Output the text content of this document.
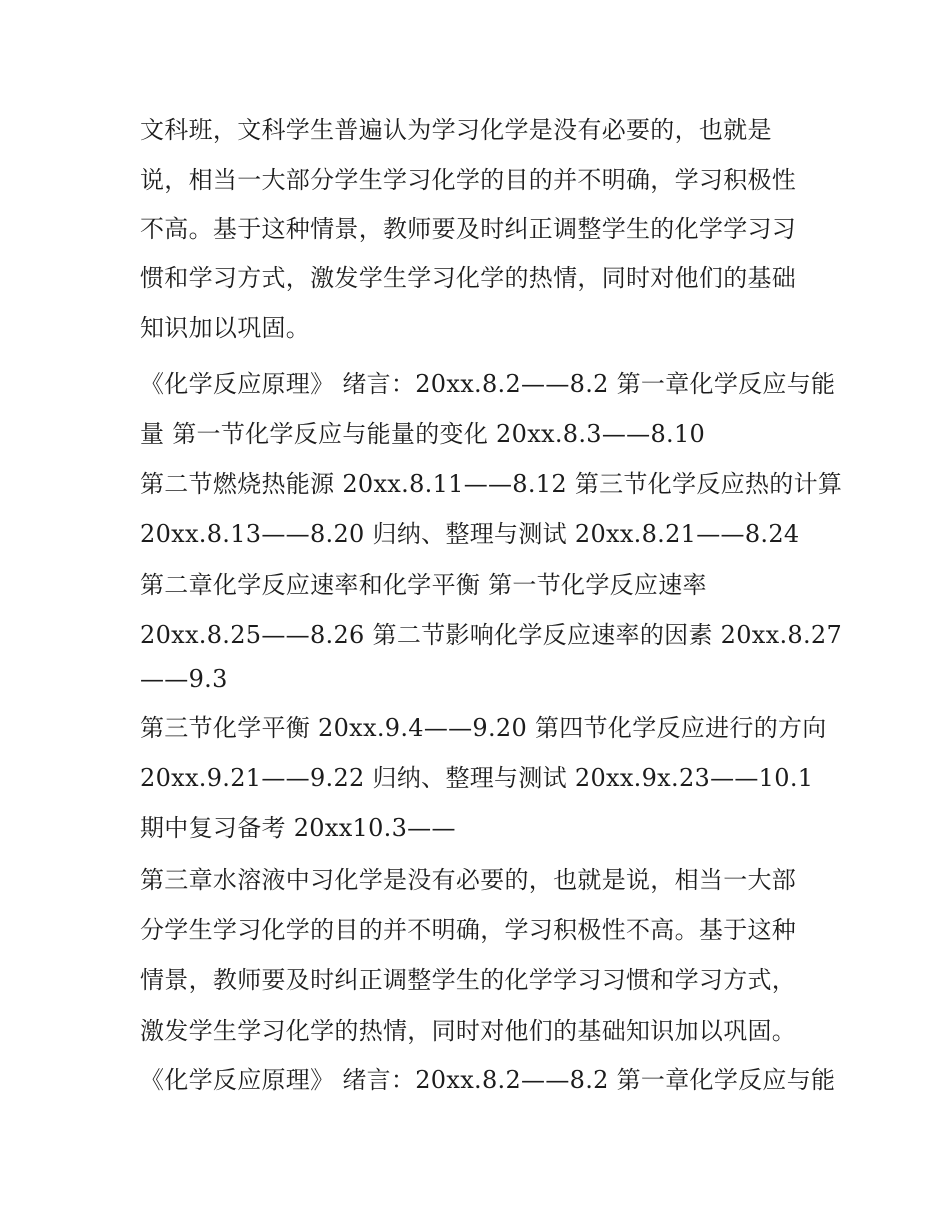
文科班，文科学生普遍认为学习化学是没有必要的，也就是
说，相当一大部分学生学习化学的目的并不明确，学习积极性
不高。基于这种情景，教师要及时纠正调整学生的化学学习习
惯和学习方式，激发学生学习化学的热情，同时对他们的基础
知识加以巩固。
《化学反应原理》 绪言：20xx.8.2——8.2 第一章化学反应与能
量 第一节化学反应与能量的变化 20xx.8.3——8.10
第二节燃烧热能源 20xx.8.11——8.12 第三节化学反应热的计算
20xx.8.13——8.20 归纳、整理与测试 20xx.8.21——8.24
第二章化学反应速率和化学平衡 第一节化学反应速率
20xx.8.25——8.26 第二节影响化学反应速率的因素 20xx.8.27
——9.3
第三节化学平衡 20xx.9.4——9.20 第四节化学反应进行的方向
20xx.9.21——9.22 归纳、整理与测试 20xx.9x.23——10.1
期中复习备考 20xx10.3——
第三章水溶液中习化学是没有必要的，也就是说，相当一大部
分学生学习化学的目的并不明确，学习积极性不高。基于这种
情景，教师要及时纠正调整学生的化学学习习惯和学习方式，
激发学生学习化学的热情，同时对他们的基础知识加以巩固。
《化学反应原理》 绪言：20xx.8.2——8.2 第一章化学反应与能
